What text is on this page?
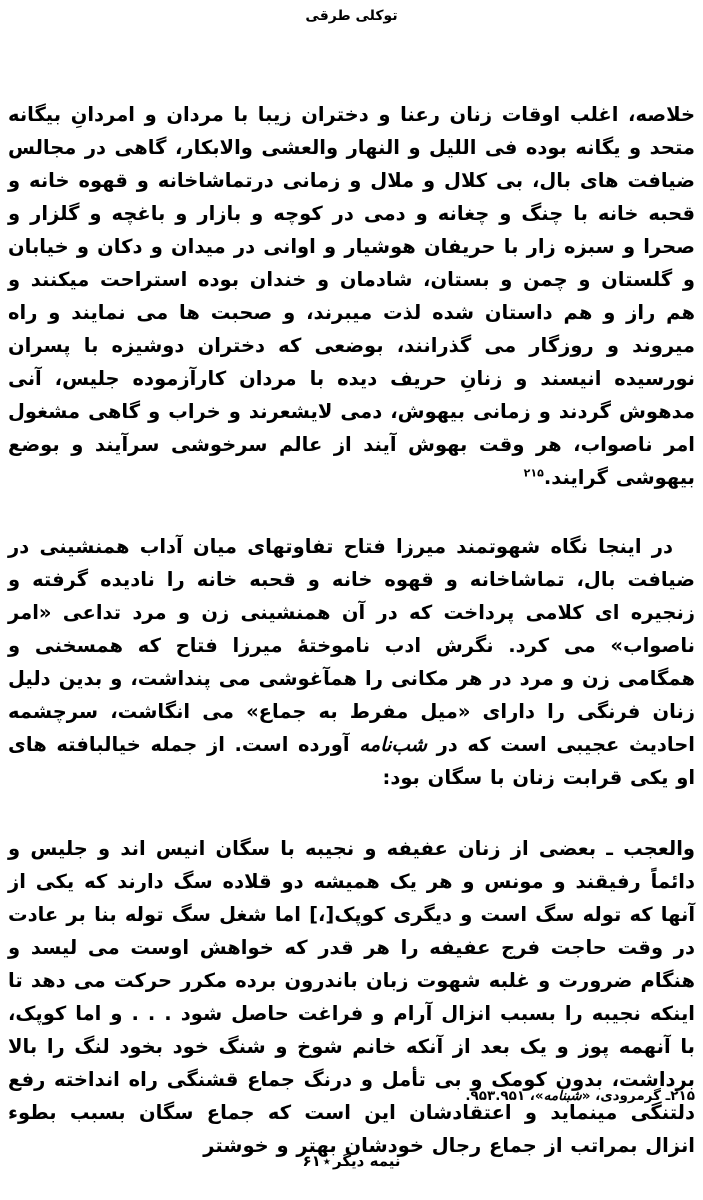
توکلی طرقی

خلاصه، اغلب اوقات زنان رعنا و دختران زیبا با مردان و امردانِ بیگانه متحد و یگانه بوده فی اللیل و النهار والعشی والابکار، گاهی در مجالس ضیافت های بال، بی کلال و ملال و زمانی درتماشاخانه و قهوه خانه و قحبه خانه با چنگ و چغانه و دمی در کوچه و بازار و باغچه و گلزار و صحرا و سبزه زار با حریفان هوشیار و اوانی در میدان و دکان و خیابان و گلستان و چمن و بستان، شادمان و خندان بوده استراحت میکنند و هم راز و هم داستان شده لذت میبرند، و صحبت ها می نمایند و راه میروند و روزگار می گذرانند، بوضعی که دختران دوشیزه با پسران نورسیده انیسند و زنانِ حریف دیده با مردان کارآزموده جلیس، آنی مدهوش گردند و زمانی بیهوش، دمی لایشعرند و خراب و گاهی مشغول امر ناصواب، هر وقت بهوش آیند از عالم سرخوشی سرآیند و بوضع بیهوشی گرایند.$^{۲۱۵}$

در اینجا نگاه شهوتمند میرزا فتاح تفاوتهای میان آداب همنشینی در ضیافت بال، تماشاخانه و قهوه خانه و قحبه خانه را نادیده گرفته و زنجیره ای کلامی پرداخت که در آن همنشینی زن و مرد تداعی «امر ناصواب» می کرد. نگرش ادب ناموختهٔ میرزا فتاح که همسخنی و همگامی زن و مرد در هر مکانی را همآغوشی می پنداشت، و بدین دلیل زنان فرنگی را دارای «میل مفرط به جماع» می انگاشت، سرچشمه احادیث عجیبی است که در شب‌نامه آورده است. از جمله خیالبافته های او یکی قرابت زنان با سگان بود:

والعجب ـ بعضی از زنان عفیفه و نجیبه با سگان انیس اند و جلیس و دائماً رفیقند و مونس و هر یک همیشه دو قلاده سگ دارند که یکی از آنها که توله سگ است و دیگری کوپک[،] اما شغل سگ توله بنا بر عادت در وقت حاجت فرج عفیفه را هر قدر که خواهش اوست می لیسد و هنگام ضرورت و غلبه شهوت زبان باندرون برده مکرر حرکت می دهد تا اینکه نجیبه را بسبب انزال آرام و فراغت حاصل شود . . . و اما کوپک، با آنهمه پوز و یک بعد از آنکه خانم شوخ و شنگ خود بخود لنگ را بالا برداشت، بدون کومک و بی تأمل و درنگ جماع قشنگی راه انداخته رفع دلتنگی مینماید و اعتقادشان این است که جماع سگان بسبب بطوء انزال بمراتب از جماع رجال خودشان بهتر و خوشتر

۲۱۵ـ گرمرودی، «شبنامه»، ۹۵۳.۹۵۱.
نیمه دیگر٭۶۱
